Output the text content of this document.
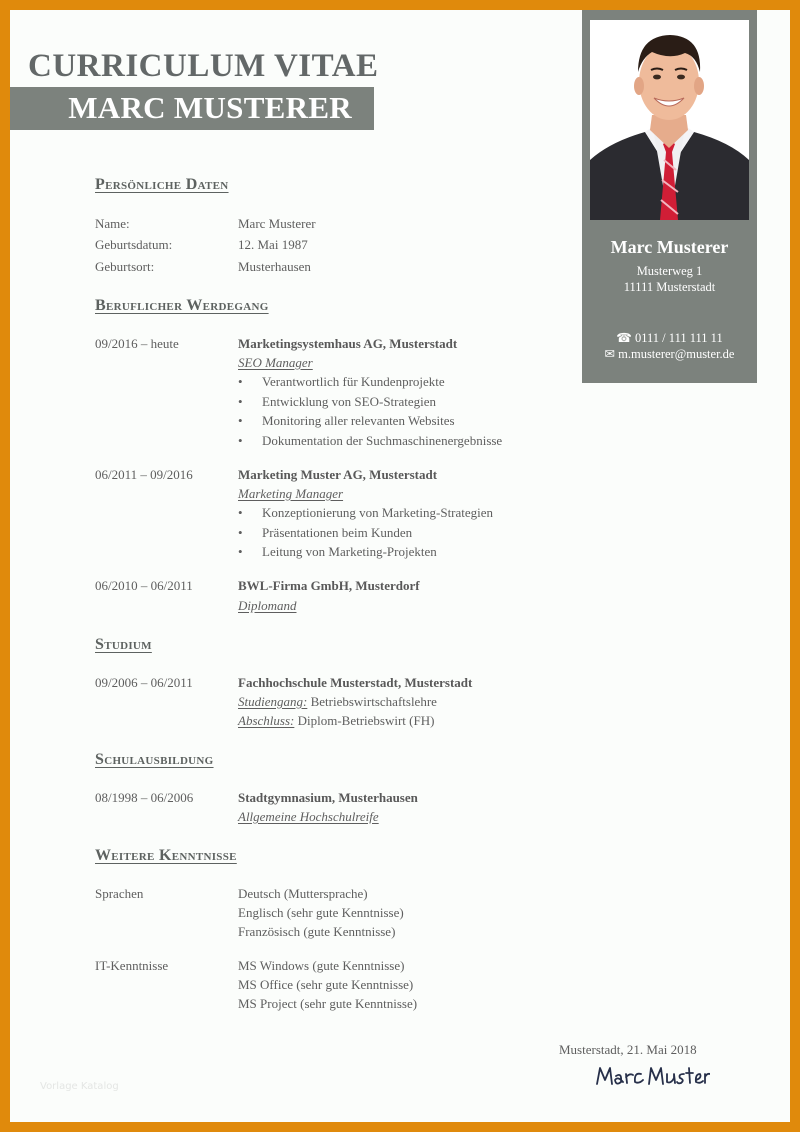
CURRICULUM VITAE
MARC MUSTERER
Marc Musterer
Musterweg 1
11111 Musterstadt
☎ 0111 / 111 111 11
✉ m.musterer@muster.de
Persönliche Daten
Name:	Marc Musterer
Geburtsdatum:	12. Mai 1987
Geburtsort:	Musterhausen
Beruflicher Werdegang
09/2016 – heute	Marketingsystemhaus AG, Musterstadt
SEO Manager
• Verantwortlich für Kundenprojekte
• Entwicklung von SEO-Strategien
• Monitoring aller relevanten Websites
• Dokumentation der Suchmaschinenergebnisse
06/2011 – 09/2016	Marketing Muster AG, Musterstadt
Marketing Manager
• Konzeptionierung von Marketing-Strategien
• Präsentationen beim Kunden
• Leitung von Marketing-Projekten
06/2010 – 06/2011	BWL-Firma GmbH, Musterdorf
Diplomand
Studium
09/2006 – 06/2011	Fachhochschule Musterstadt, Musterstadt
Studiengang: Betriebswirtschaftslehre
Abschluss: Diplom-Betriebswirt (FH)
Schulausbildung
08/1998 – 06/2006	Stadtgymnasium, Musterhausen
Allgemeine Hochschulreife
Weitere Kenntnisse
Sprachen	Deutsch (Muttersprache)
Englisch (sehr gute Kenntnisse)
Französisch (gute Kenntnisse)
IT-Kenntnisse	MS Windows (gute Kenntnisse)
MS Office (sehr gute Kenntnisse)
MS Project (sehr gute Kenntnisse)
Musterstadt, 21. Mai 2018
Vorlage Katalog
